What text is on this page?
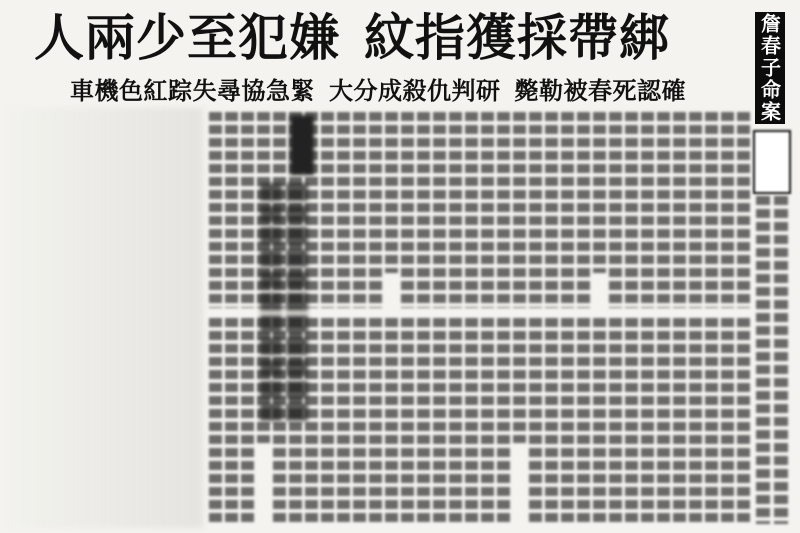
人兩少至犯嫌 紋指獲採帶綁
車機色紅踪失尋協急緊 大分成殺仇判研 斃勒被春死認確	詹春子命案
